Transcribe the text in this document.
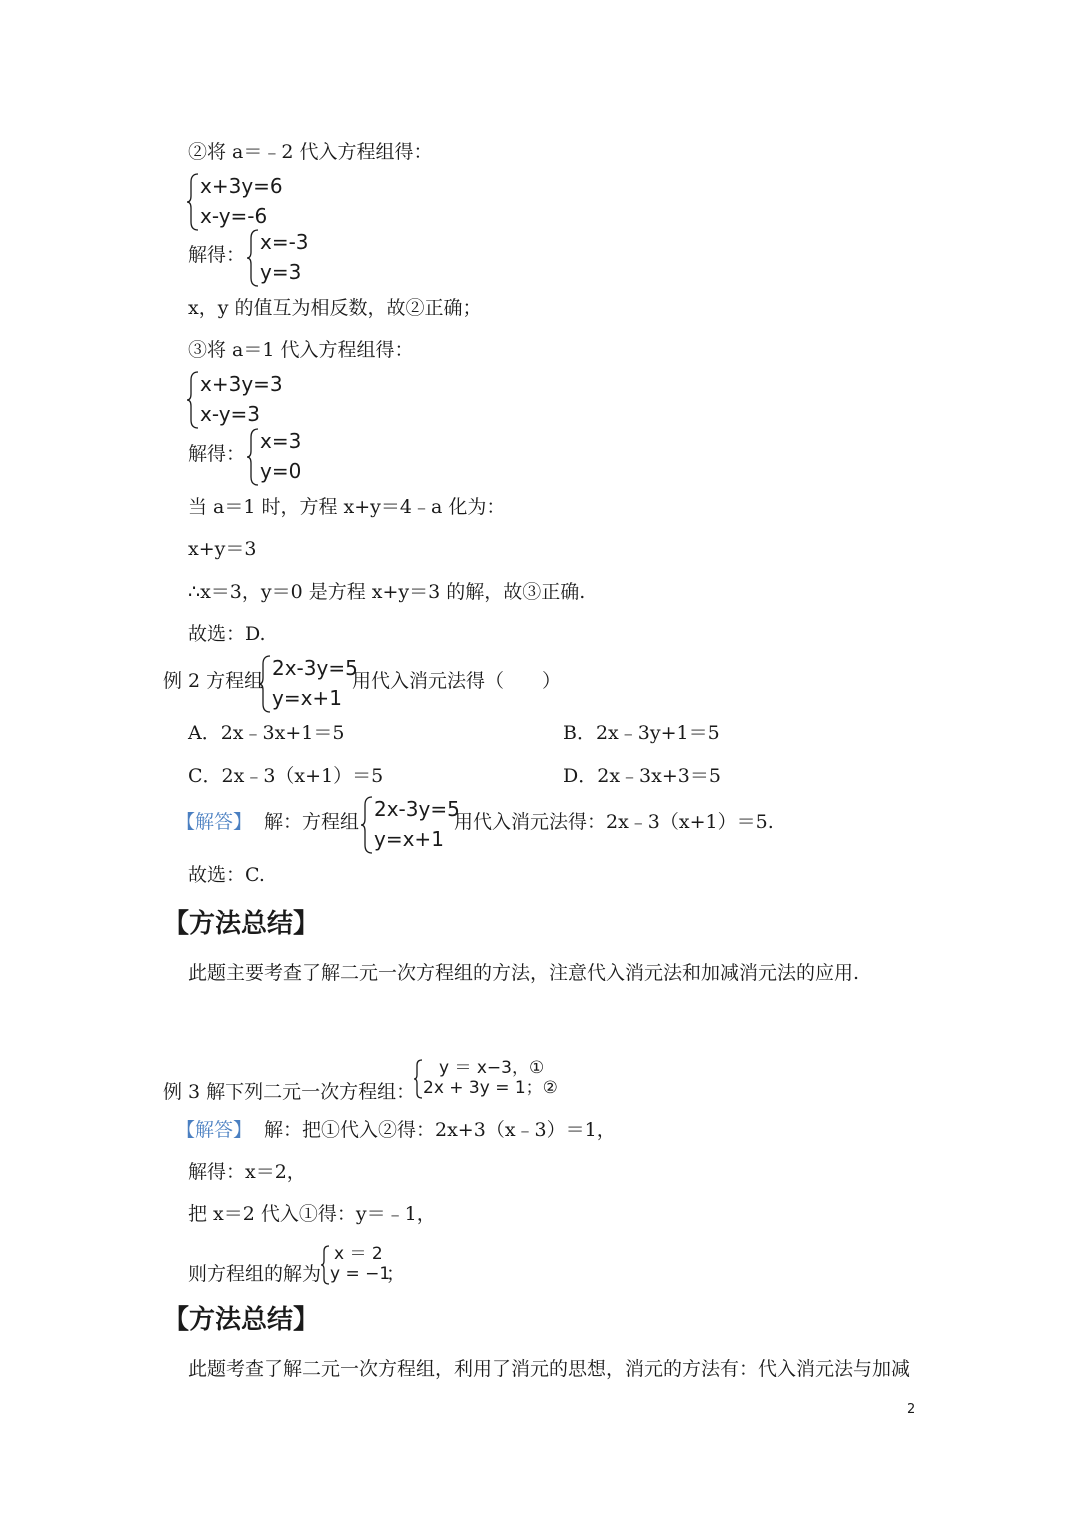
②将 a＝﹣2 代入方程组得：
x+3y=6
x-y=-6
解得：
x=-3
y=3
x，y 的值互为相反数，故②正确；
③将 a＝1 代入方程组得：
x+3y=3
x-y=3
解得：
x=3
y=0
当 a＝1 时，方程 x+y＝4﹣a 化为：
x+y＝3
∴x＝3，y＝0 是方程 x+y＝3 的解，故③正确.
故选：D.
例 2 方程组
2x-3y=5
y=x+1
用代入消元法得（　　）
A．2x﹣3x+1＝5	B．2x﹣3y+1＝5
C．2x﹣3（x+1）＝5	D．2x﹣3x+3＝5
【解答】 解：方程组
2x-3y=5
y=x+1
用代入消元法得：2x﹣3（x+1）＝5.
故选：C.
【方法总结】
此题主要考查了解二元一次方程组的方法，注意代入消元法和加减消元法的应用.
例 3 解下列二元一次方程组：
y ＝ x−3，①
2x + 3y = 1；②
【解答】 解：把①代入②得：2x+3（x﹣3）＝1，
解得：x＝2，
把 x＝2 代入①得：y＝﹣1，
则方程组的解为
x ＝ 2
y = −1
；
【方法总结】
此题考查了解二元一次方程组，利用了消元的思想，消元的方法有：代入消元法与加减
2
